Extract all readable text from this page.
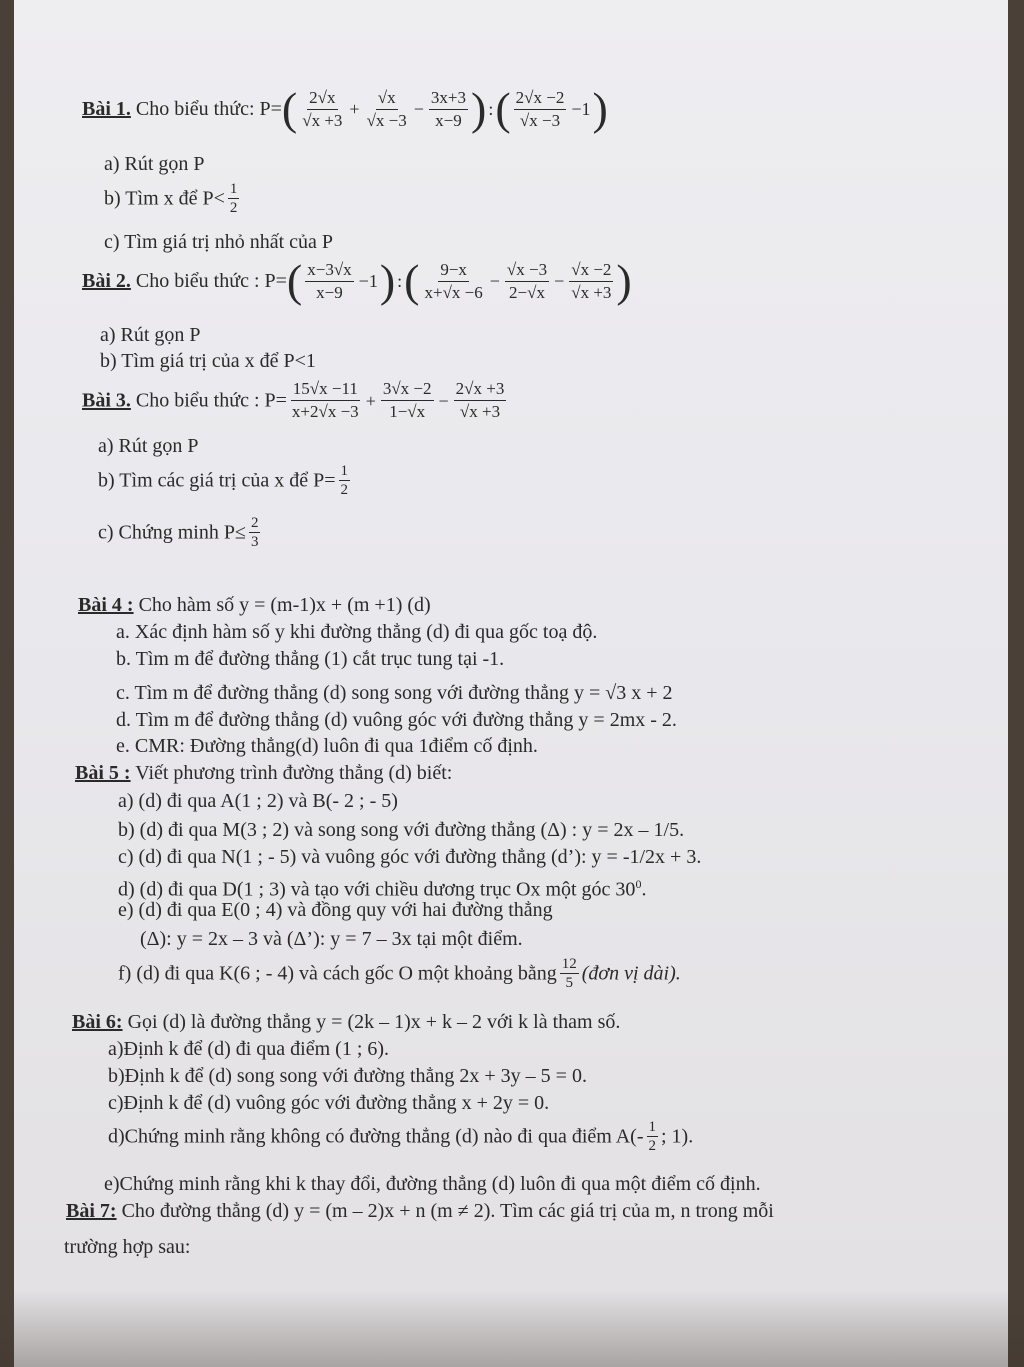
Bài 1. Cho biểu thức: $P=( \frac{2√x}{√x +3} + \frac{√x}{√x -3} - \frac{3x+3}{x-9}$ ) :( $\frac{2√x -2}{√x -3} -1$)
a) Rút gọn P
b) Tìm x để $P< \frac{1}{2}$
c) Tìm giá trị nhỏ nhất của P
Bài 2. Cho biểu thức : $P=( \frac{x-3√x}{x-9} -1)$ :( $\frac{9-x}{x+√x -6} - \frac{√x -3}{2-√x} - \frac{√x -2}{√x +3}$ )
a) Rút gọn P
b) Tìm giá trị của x để P<1
Bài 3. Cho biểu thức : $P= \frac{15√x -11}{x+2√x -3} + \frac{3√x -2}{1-√x} - \frac{2√x +3}{√x +3}$
a) Rút gọn P
b) Tìm các giá trị của x để $P= \frac{1}{2}$
c) Chứng minh $P\le \frac{2}{3}$
Bài 4 : Cho hàm số y = (m-1)x + (m +1) (d)
a. Xác định hàm số y khi đường thẳng (d) đi qua gốc toạ độ.
b. Tìm m để đường thẳng (1) cắt trục tung tại -1.
c. Tìm m để đường thẳng (d) song song với đường thẳng y = √3 x + 2
d. Tìm m để đường thẳng (d) vuông góc với đường thẳng y = 2mx - 2.
e. CMR: Đường thẳng(d) luôn đi qua 1điểm cố định.
Bài 5 : Viết phương trình đường thẳng (d) biết:
a) (d) đi qua A(1 ; 2) và B(- 2 ; - 5)
b) (d) đi qua M(3 ; 2) và song song với đường thẳng (Δ) : y = 2x – 1/5.
c) (d) đi qua N(1 ; - 5) và vuông góc với đường thẳng (d’): y = -1/2x + 3.
d) (d) đi qua D(1 ; 3) và tạo với chiều dương trục Ox một góc $30^0$.
e) (d) đi qua E(0 ; 4) và đồng quy với hai đường thẳng
(Δ): y = 2x – 3 và (Δ’): y = 7 – 3x tại một điểm.
f) (d) đi qua K(6 ; - 4) và cách gốc O một khoảng bằng $\frac{12}{5}$ (đơn vị dài).
Bài 6: Gọi (d) là đường thẳng y = (2k – 1)x + k – 2 với k là tham số.
a)Định k để (d) đi qua điểm (1 ; 6).
b)Định k để (d) song song với đường thẳng 2x + 3y – 5 = 0.
c)Định k để (d) vuông góc với đường thẳng x + 2y = 0.
d)Chứng minh rằng không có đường thẳng (d) nào đi qua điểm $A(- \frac{1}{2}$ ; 1).
e)Chứng minh rằng khi k thay đổi, đường thẳng (d) luôn đi qua một điểm cố định.
Bài 7: Cho đường thẳng (d) y = (m – 2)x + n (m ≠ 2). Tìm các giá trị của m, n trong mỗi
trường hợp sau:
